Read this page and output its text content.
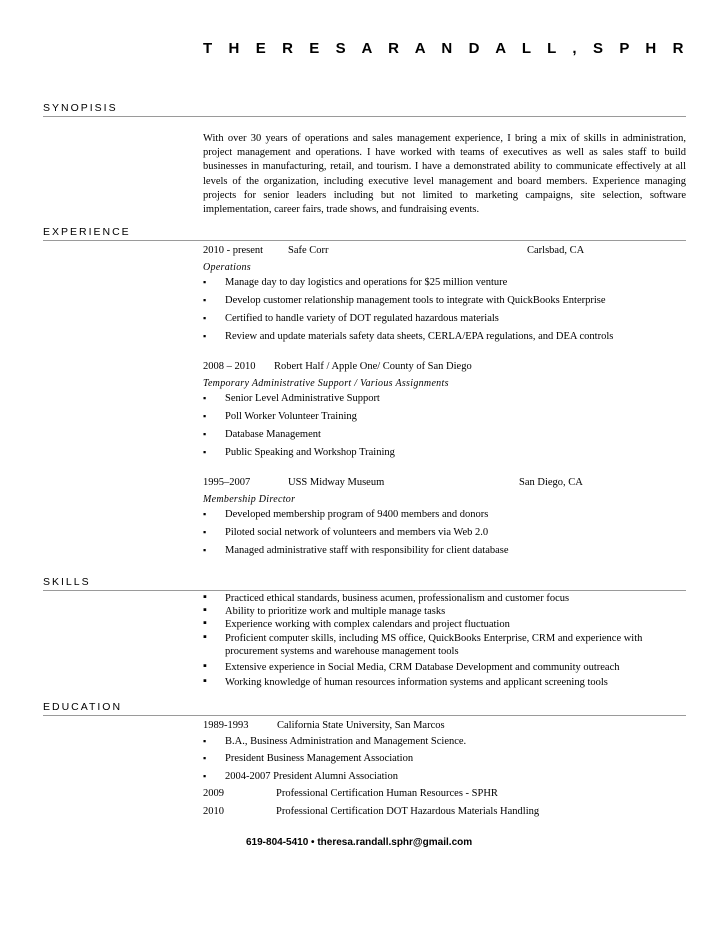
T H E R E S A R A N D A L L , S P H R
SYNOPISIS
With over 30 years of operations and sales management experience, I bring a mix of skills in administration, project management and operations. I have worked with teams of executives as well as sales staff to build businesses in manufacturing, retail, and tourism. I have a demonstrated ability to communicate effectively at all levels of the organization, including executive level management and board members. Experience managing projects for senior leaders including but not limited to marketing campaigns, site selection, software implementation, career fairs, trade shows, and fundraising events.
EXPERIENCE
2010 - present Safe Corr	Carlsbad, CA
Operations
▪ Manage day to day logistics and operations for $25 million venture
▪ Develop customer relationship management tools to integrate with QuickBooks Enterprise
▪ Certified to handle variety of DOT regulated hazardous materials
▪ Review and update materials safety data sheets, CERLA/EPA regulations, and DEA controls
2008 – 2010 Robert Half / Apple One/ County of San Diego
Temporary Administrative Support / Various Assignments
▪ Senior Level Administrative Support
▪ Poll Worker Volunteer Training
▪ Database Management
▪ Public Speaking and Workshop Training
1995–2007	USS Midway Museum	San Diego, CA
Membership Director
▪ Developed membership program of 9400 members and donors
▪ Piloted social network of volunteers and members via Web 2.0
▪ Managed administrative staff with responsibility for client database
SKILLS
▪ Practiced ethical standards, business acumen, professionalism and customer focus
▪ Ability to prioritize work and multiple manage tasks
▪ Experience working with complex calendars and project fluctuation
▪ Proficient computer skills, including MS office, QuickBooks Enterprise, CRM and experience with procurement systems and warehouse management tools
▪ Extensive experience in Social Media, CRM Database Development and community outreach
▪ Working knowledge of human resources information systems and applicant screening tools
EDUCATION
1989-1993	California State University, San Marcos
▪ B.A., Business Administration and Management Science.
▪ President Business Management Association
▪ 2004-2007 President Alumni Association
2009	Professional Certification Human Resources - SPHR
2010	Professional Certification DOT Hazardous Materials Handling
619-804-5410 • theresa.randall.sphr@gmail.com
